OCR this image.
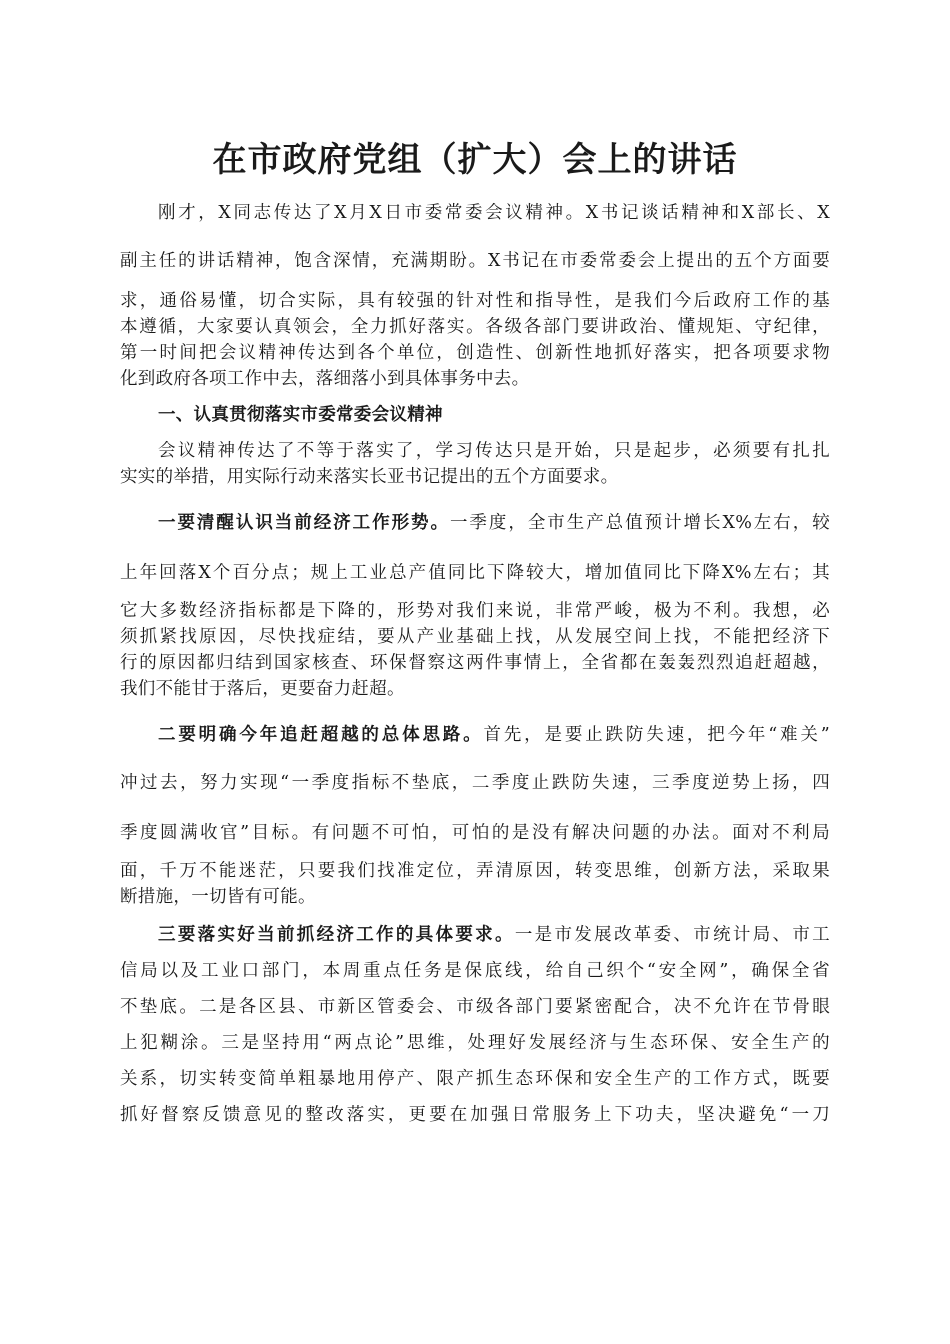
在市政府党组（扩大）会上的讲话
刚才，X同志传达了X月X日市委常委会议精神。X书记谈话精神和X部长、X
副主任的讲话精神，饱含深情，充满期盼。X书记在市委常委会上提出的五个方面要
求，通俗易懂，切合实际，具有较强的针对性和指导性，是我们今后政府工作的基
本遵循，大家要认真领会，全力抓好落实。各级各部门要讲政治、懂规矩、守纪律，
第一时间把会议精神传达到各个单位，创造性、创新性地抓好落实，把各项要求物
化到政府各项工作中去，落细落小到具体事务中去。
一、认真贯彻落实市委常委会议精神
会议精神传达了不等于落实了，学习传达只是开始，只是起步，必须要有扎扎
实实的举措，用实际行动来落实长亚书记提出的五个方面要求。
一要清醒认识当前经济工作形势。一季度，全市生产总值预计增长X%左右，较
上年回落X个百分点；规上工业总产值同比下降较大，增加值同比下降X%左右；其
它大多数经济指标都是下降的，形势对我们来说，非常严峻，极为不利。我想，必
须抓紧找原因，尽快找症结，要从产业基础上找，从发展空间上找，不能把经济下
行的原因都归结到国家核查、环保督察这两件事情上，全省都在轰轰烈烈追赶超越，
我们不能甘于落后，更要奋力赶超。
二要明确今年追赶超越的总体思路。首先，是要止跌防失速，把今年“难关”
冲过去，努力实现“一季度指标不垫底，二季度止跌防失速，三季度逆势上扬，四
季度圆满收官”目标。有问题不可怕，可怕的是没有解决问题的办法。面对不利局
面，千万不能迷茫，只要我们找准定位，弄清原因，转变思维，创新方法，采取果
断措施，一切皆有可能。
三要落实好当前抓经济工作的具体要求。一是市发展改革委、市统计局、市工
信局以及工业口部门，本周重点任务是保底线，给自己织个“安全网”，确保全省
不垫底。二是各区县、市新区管委会、市级各部门要紧密配合，决不允许在节骨眼
上犯糊涂。三是坚持用“两点论”思维，处理好发展经济与生态环保、安全生产的
关系，切实转变简单粗暴地用停产、限产抓生态环保和安全生产的工作方式，既要
抓好督察反馈意见的整改落实，更要在加强日常服务上下功夫，坚决避免“一刀
